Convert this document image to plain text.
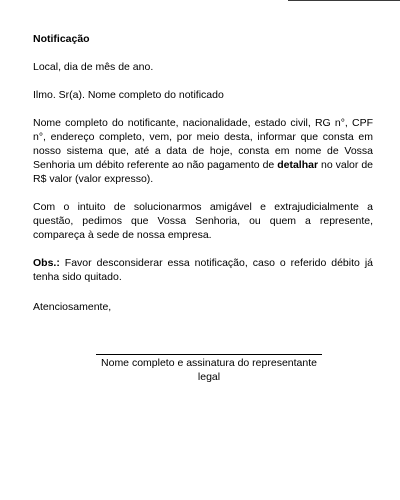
Notificação

Local, dia de mês de ano.

Ilmo. Sr(a). Nome completo do notificado

Nome completo do notificante, nacionalidade, estado civil, RG n°, CPF n°, endereço completo, vem, por meio desta, informar que consta em nosso sistema que, até a data de hoje, consta em nome de Vossa Senhoria um débito referente ao não pagamento de detalhar no valor de R$ valor (valor expresso).

Com o intuito de solucionarmos amigável e extrajudicialmente a questão, pedimos que Vossa Senhoria, ou quem a represente, compareça à sede de nossa empresa.

Obs.: Favor desconsiderar essa notificação, caso o referido débito já tenha sido quitado.

Atenciosamente,
Nome completo e assinatura do representante legal
